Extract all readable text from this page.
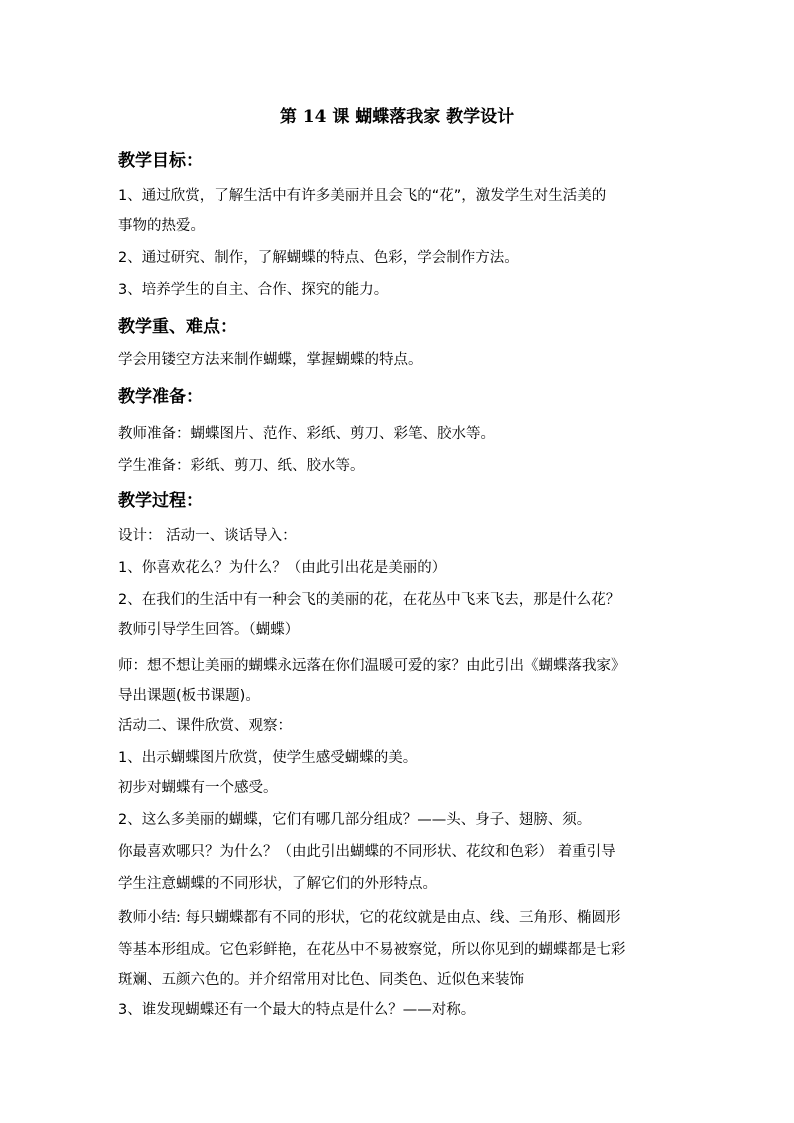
第 14 课 蝴蝶落我家 教学设计
教学目标：
1、通过欣赏，了解生活中有许多美丽并且会飞的“花”，激发学生对生活美的
事物的热爱。
2、通过研究、制作，了解蝴蝶的特点、色彩，学会制作方法。
3、培养学生的自主、合作、探究的能力。
教学重、难点：
学会用镂空方法来制作蝴蝶，掌握蝴蝶的特点。
教学准备：
教师准备：蝴蝶图片、范作、彩纸、剪刀、彩笔、胶水等。
学生准备：彩纸、剪刀、纸、胶水等。
教学过程：
设计： 活动一、谈话导入：
1、你喜欢花么？为什么？（由此引出花是美丽的）
2、在我们的生活中有一种会飞的美丽的花，在花丛中飞来飞去，那是什么花？
教师引导学生回答。（蝴蝶）
师：想不想让美丽的蝴蝶永远落在你们温暖可爱的家？由此引出《蝴蝶落我家》
导出课题(板书课题)。
活动二、课件欣赏、观察：
1、出示蝴蝶图片欣赏，使学生感受蝴蝶的美。
初步对蝴蝶有一个感受。
2、这么多美丽的蝴蝶，它们有哪几部分组成？——头、身子、翅膀、须。
你最喜欢哪只？为什么？（由此引出蝴蝶的不同形状、花纹和色彩） 着重引导
学生注意蝴蝶的不同形状，了解它们的外形特点。
教师小结: 每只蝴蝶都有不同的形状，它的花纹就是由点、线、三角形、椭圆形
等基本形组成。它色彩鲜艳，在花丛中不易被察觉，所以你见到的蝴蝶都是七彩
斑斓、五颜六色的。并介绍常用对比色、同类色、近似色来装饰
3、谁发现蝴蝶还有一个最大的特点是什么？——对称。
